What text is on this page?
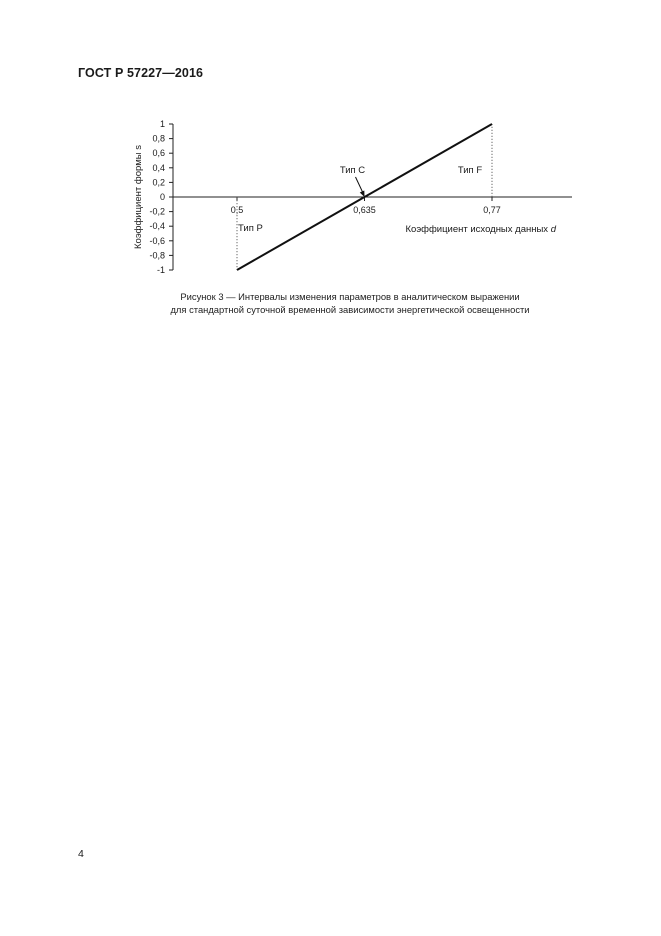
ГОСТ Р 57227—2016
1
0,8
0,6
0,4
0,2
0
-0,2
-0,4
-0,6
-0,8
-1
0,5	0,635	0,77
Тип P
Тип C	Тип F
Коэффициент исходных данных d
Коэффициент формы s
Рисунок 3 — Интервалы изменения параметров в аналитическом выражении
для стандартной суточной временной зависимости энергетической освещенности
4
